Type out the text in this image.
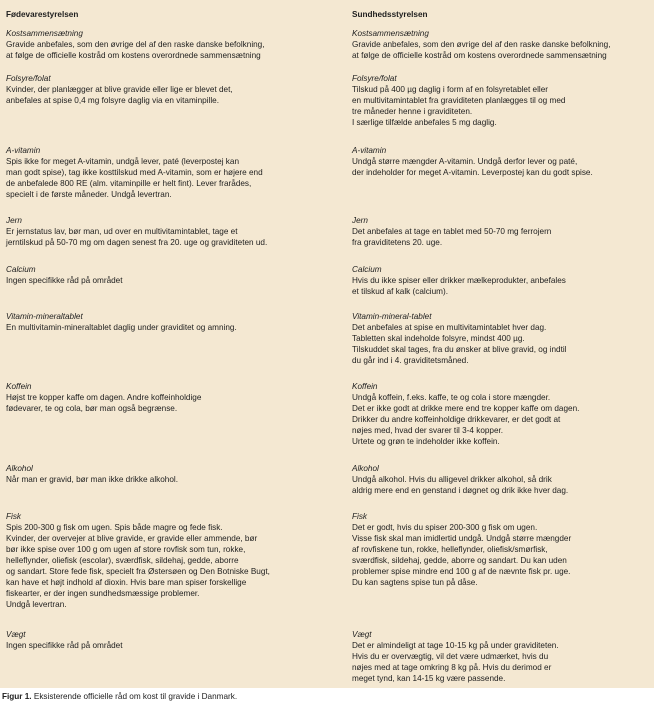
Fødevarestyrelsen
Kostsammensætning
Gravide anbefales, som den øvrige del af den raske danske befolkning,
at følge de officielle kostråd om kostens overordnede sammensætning
Folsyre/folat
Kvinder, der planlægger at blive gravide eller lige er blevet det,
anbefales at spise 0,4 mg folsyre daglig via en vitaminpille.
A-vitamin
Spis ikke for meget A-vitamin, undgå lever, paté (leverpostej kan
man godt spise), tag ikke kosttilskud med A-vitamin, som er højere end
de anbefalede 800 RE (alm. vitaminpille er helt fint). Lever frarådes,
specielt i de første måneder. Undgå levertran.
Jern
Er jernstatus lav, bør man, ud over en multivitamintablet, tage et
jerntilskud på 50-70 mg om dagen senest fra 20. uge og graviditeten ud.
Calcium
Ingen specifikke råd på området
Vitamin-mineraltablet
En multivitamin-mineraltablet daglig under graviditet og amning.
Koffein
Højst tre kopper kaffe om dagen. Andre koffeinholdige
fødevarer, te og cola, bør man også begrænse.
Alkohol
Når man er gravid, bør man ikke drikke alkohol.
Fisk
Spis 200-300 g fisk om ugen. Spis både magre og fede fisk.
Kvinder, der overvejer at blive gravide, er gravide eller ammende, bør
bør ikke spise over 100 g om ugen af store rovfisk som tun, rokke,
helleflynder, oliefisk (escolar), sværdfisk, sildehaj, gedde, aborre
og sandart. Store fede fisk, specielt fra Østersøen og Den Botniske Bugt,
kan have et højt indhold af dioxin. Hvis bare man spiser forskellige
fiskearter, er der ingen sundhedsmæssige problemer.
Undgå levertran.
Vægt
Ingen specifikke råd på området
Sundhedsstyrelsen
Kostsammensætning
Gravide anbefales, som den øvrige del af den raske danske befolkning,
at følge de officielle kostråd om kostens overordnede sammensætning
Folsyre/folat
Tilskud på 400 µg daglig i form af en folsyretablet eller
en multivitamintablet fra graviditeten planlægges til og med
tre måneder henne i graviditeten.
I særlige tilfælde anbefales 5 mg daglig.
A-vitamin
Undgå større mængder A-vitamin. Undgå derfor lever og paté,
der indeholder for meget A-vitamin. Leverpostej kan du godt spise.
Jern
Det anbefales at tage en tablet med 50-70 mg ferrojern
fra graviditetens 20. uge.
Calcium
Hvis du ikke spiser eller drikker mælkeprodukter, anbefales
et tilskud af kalk (calcium).
Vitamin-mineral-tablet
Det anbefales at spise en multivitamintablet hver dag.
Tabletten skal indeholde folsyre, mindst 400 µg.
Tilskuddet skal tages, fra du ønsker at blive gravid, og indtil
du går ind i 4. graviditetsmåned.
Koffein
Undgå koffein, f.eks. kaffe, te og cola i store mængder.
Det er ikke godt at drikke mere end tre kopper kaffe om dagen.
Drikker du andre koffeinholdige drikkevarer, er det godt at
nøjes med, hvad der svarer til 3-4 kopper.
Urtete og grøn te indeholder ikke koffein.
Alkohol
Undgå alkohol. Hvis du alligevel drikker alkohol, så drik
aldrig mere end en genstand i døgnet og drik ikke hver dag.
Fisk
Det er godt, hvis du spiser 200-300 g fisk om ugen.
Visse fisk skal man imidlertid undgå. Undgå større mængder
af rovfiskene tun, rokke, helleflynder, oliefisk/smørfisk,
sværdfisk, sildehaj, gedde, aborre og sandart. Du kan uden
problemer spise mindre end 100 g af de nævnte fisk pr. uge.
Du kan sagtens spise tun på dåse.
Vægt
Det er almindeligt at tage 10-15 kg på under graviditeten.
Hvis du er overvægtig, vil det være udmærket, hvis du
nøjes med at tage omkring 8 kg på. Hvis du derimod er
meget tynd, kan 14-15 kg være passende.
Figur 1. Eksisterende officielle råd om kost til gravide i Danmark.
